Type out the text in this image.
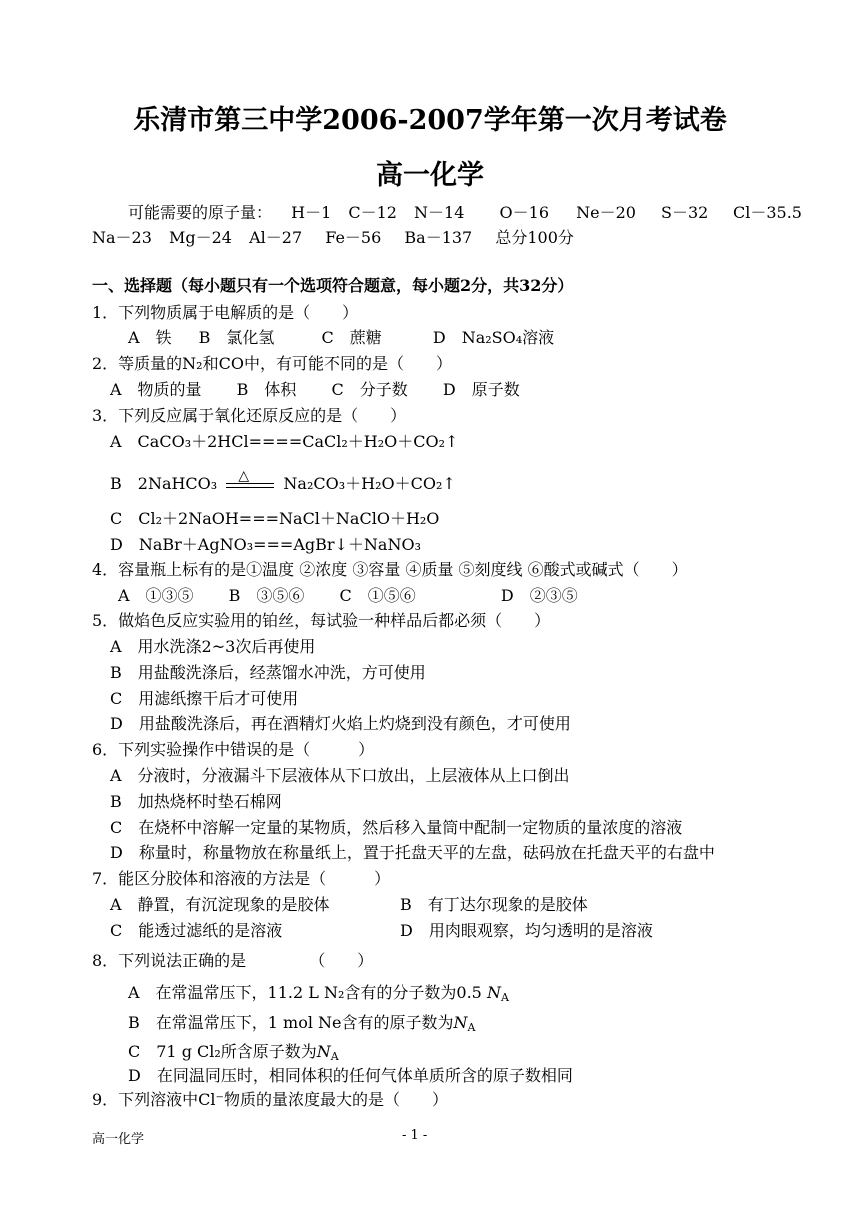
乐清市第三中学2006-2007学年第一次月考试卷
高一化学
可能需要的原子量： H－1 C－12 N－14 O－16 Ne－20 S－32 Cl－35.5
Na－23 Mg－24 Al－27 Fe－56 Ba－137 总分100分
一、选择题（每小题只有一个选项符合题意，每小题2分，共32分）
1．下列物质属于电解质的是（　　）
A　铁 B　氯化氢	C　蔗糖	D　Na₂SO₄溶液
2．等质量的N₂和CO中，有可能不同的是（　　）
A　物质的量 B　体积 C　分子数 D　原子数
3．下列反应属于氧化还原反应的是（　　）
A　CaCO₃＋2HCl====CaCl₂＋H₂O＋CO₂↑
B　2NaHCO₃ △ Na₂CO₃＋H₂O＋CO₂↑
C　Cl₂＋2NaOH===NaCl＋NaClO＋H₂O
D　NaBr＋AgNO₃===AgBr↓＋NaNO₃
4．容量瓶上标有的是①温度 ②浓度 ③容量 ④质量 ⑤刻度线 ⑥酸式或碱式（　　）
A　①③⑤ B　③⑤⑥ C　①⑤⑥	D　②③⑤
5．做焰色反应实验用的铂丝，每试验一种样品后都必须（　　）
A　用水洗涤2~3次后再使用
B　用盐酸洗涤后，经蒸馏水冲洗，方可使用
C　用滤纸擦干后才可使用
D　用盐酸洗涤后，再在酒精灯火焰上灼烧到没有颜色，才可使用
6．下列实验操作中错误的是（　　　）
A　分液时，分液漏斗下层液体从下口放出，上层液体从上口倒出
B　加热烧杯时垫石棉网
C　在烧杯中溶解一定量的某物质，然后移入量筒中配制一定物质的量浓度的溶液
D　称量时，称量物放在称量纸上，置于托盘天平的左盘，砝码放在托盘天平的右盘中
7．能区分胶体和溶液的方法是（　　　）
A　静置，有沉淀现象的是胶体	B　有丁达尔现象的是胶体
C　能透过滤纸的是溶液	D　用肉眼观察，均匀透明的是溶液
8．下列说法正确的是	（　　）
A　在常温常压下，11.2 L N₂含有的分子数为0.5 $N_A$
B　在常温常压下，1 mol Ne含有的原子数为$N_A$
C　71 g Cl₂所含原子数为$N_A$
D　在同温同压时，相同体积的任何气体单质所含的原子数相同
9．下列溶液中Cl⁻物质的量浓度最大的是（　　）
高一化学	- 1 -
